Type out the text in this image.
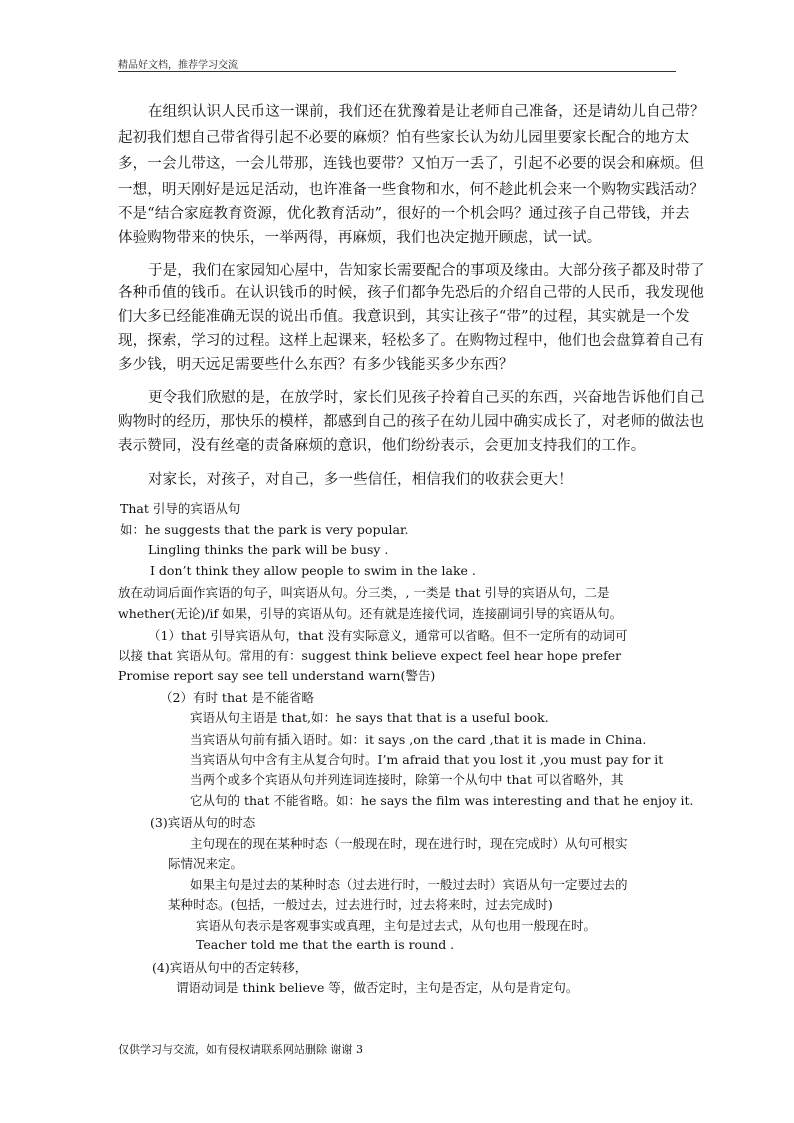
精品好文档，推荐学习交流
在组织认识人民币这一课前，我们还在犹豫着是让老师自己准备，还是请幼儿自己带？
起初我们想自己带省得引起不必要的麻烦？怕有些家长认为幼儿园里要家长配合的地方太
多，一会儿带这，一会儿带那，连钱也要带？又怕万一丢了，引起不必要的误会和麻烦。但
一想，明天刚好是远足活动，也许准备一些食物和水，何不趁此机会来一个购物实践活动？
不是“结合家庭教育资源，优化教育活动”，很好的一个机会吗？通过孩子自己带钱，并去
体验购物带来的快乐，一举两得，再麻烦，我们也决定抛开顾虑，试一试。
于是，我们在家园知心屋中，告知家长需要配合的事项及缘由。大部分孩子都及时带了
各种币值的钱币。在认识钱币的时候，孩子们都争先恐后的介绍自己带的人民币，我发现他
们大多已经能准确无误的说出币值。我意识到，其实让孩子“带”的过程，其实就是一个发
现，探索，学习的过程。这样上起课来，轻松多了。在购物过程中，他们也会盘算着自己有
多少钱，明天远足需要些什么东西？有多少钱能买多少东西？
更令我们欣慰的是，在放学时，家长们见孩子拎着自己买的东西，兴奋地告诉他们自己
购物时的经历，那快乐的模样，都感到自己的孩子在幼儿园中确实成长了，对老师的做法也
表示赞同，没有丝毫的责备麻烦的意识，他们纷纷表示，会更加支持我们的工作。
对家长，对孩子，对自己，多一些信任，相信我们的收获会更大！
That 引导的宾语从句
如：he suggests that the park is very popular.
Lingling thinks the park will be busy .
I don’t think they allow people to swim in the lake .
放在动词后面作宾语的句子，叫宾语从句。分三类，, 一类是 that 引导的宾语从句，二是
whether(无论)/if 如果，引导的宾语从句。还有就是连接代词，连接副词引导的宾语从句。
（1）that 引导宾语从句，that 没有实际意义，通常可以省略。但不一定所有的动词可
以接 that 宾语从句。常用的有：suggest think believe expect feel hear hope prefer
Promise report say see tell understand warn(警告)
（2）有时 that 是不能省略
宾语从句主语是 that,如：he says that that is a useful book.
当宾语从句前有插入语时。如：it says ,on the card ,that it is made in China.
当宾语从句中含有主从复合句时。I’m afraid that you lost it ,you must pay for it
当两个或多个宾语从句并列连词连接时，除第一个从句中 that 可以省略外，其
它从句的 that 不能省略。如：he says the film was interesting and that he enjoy it.
(3)宾语从句的时态
主句现在的现在某种时态（一般现在时，现在进行时，现在完成时）从句可根实
际情况来定。
如果主句是过去的某种时态（过去进行时，一般过去时）宾语从句一定要过去的
某种时态。(包括，一般过去，过去进行时，过去将来时，过去完成时)
宾语从句表示是客观事实或真理，主句是过去式，从句也用一般现在时。
Teacher told me that the earth is round .
(4)宾语从句中的否定转移，
谓语动词是 think believe 等，做否定时，主句是否定，从句是肯定句。
仅供学习与交流，如有侵权请联系网站删除 谢谢 3
